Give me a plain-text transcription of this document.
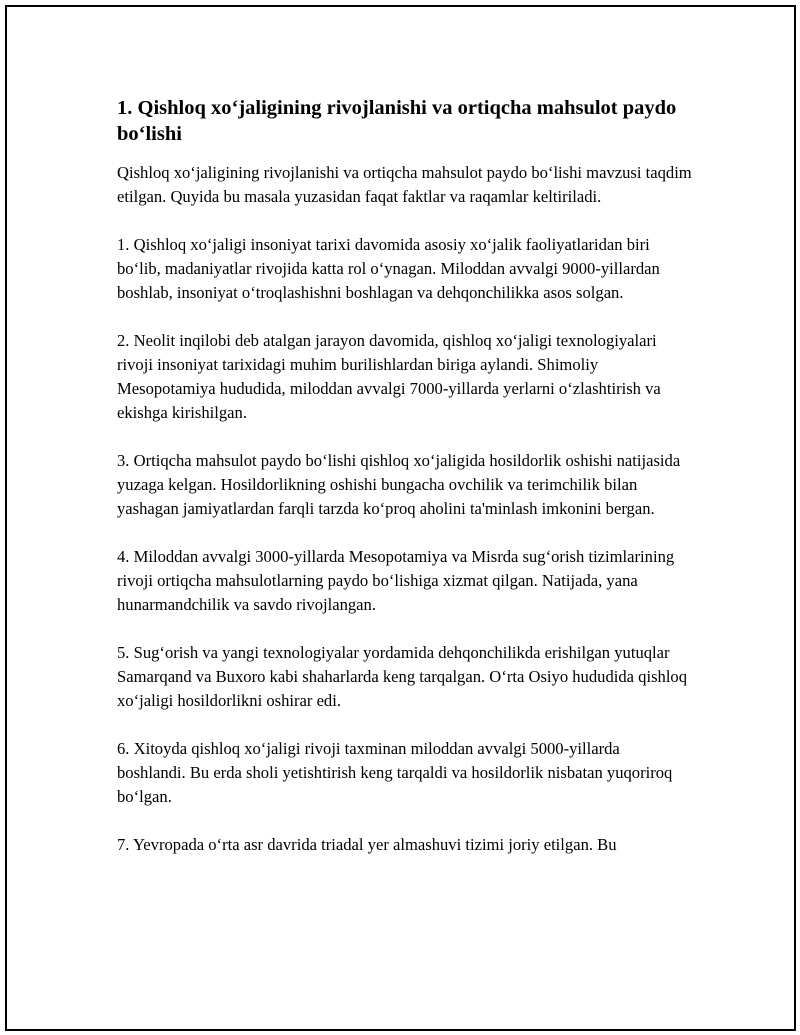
1. Qishloq xo‘jaligining rivojlanishi va ortiqcha mahsulot paydo bo‘lishi

Qishloq xo‘jaligining rivojlanishi va ortiqcha mahsulot paydo bo‘lishi mavzusi taqdim etilgan. Quyida bu masala yuzasidan faqat faktlar va raqamlar keltiriladi.

1. Qishloq xo‘jaligi insoniyat tarixi davomida asosiy xo‘jalik faoliyatlaridan biri bo‘lib, madaniyatlar rivojida katta rol o‘ynagan. Miloddan avvalgi 9000-yillardan boshlab, insoniyat o‘troqlashishni boshlagan va dehqonchilikka asos solgan.

2. Neolit inqilobi deb atalgan jarayon davomida, qishloq xo‘jaligi texnologiyalari rivoji insoniyat tarixidagi muhim burilishlardan biriga aylandi. Shimoliy Mesopotamiya hududida, miloddan avvalgi 7000-yillarda yerlarni o‘zlashtirish va ekishga kirishilgan.

3. Ortiqcha mahsulot paydo bo‘lishi qishloq xo‘jaligida hosildorlik oshishi natijasida yuzaga kelgan. Hosildorlikning oshishi bungacha ovchilik va terimchilik bilan yashagan jamiyatlardan farqli tarzda ko‘proq aholini ta'minlash imkonini bergan.

4. Miloddan avvalgi 3000-yillarda Mesopotamiya va Misrda sug‘orish tizimlarining rivoji ortiqcha mahsulotlarning paydo bo‘lishiga xizmat qilgan. Natijada, yana hunarmandchilik va savdo rivojlangan.

5. Sug‘orish va yangi texnologiyalar yordamida dehqonchilikda erishilgan yutuqlar Samarqand va Buxoro kabi shaharlarda keng tarqalgan. O‘rta Osiyo hududida qishloq xo‘jaligi hosildorlikni oshirar edi.

6. Xitoyda qishloq xo‘jaligi rivoji taxminan miloddan avvalgi 5000-yillarda boshlandi. Bu erda sholi yetishtirish keng tarqaldi va hosildorlik nisbatan yuqoriroq bo‘lgan.

7. Yevropada o‘rta asr davrida triadal yer almashuvi tizimi joriy etilgan. Bu
